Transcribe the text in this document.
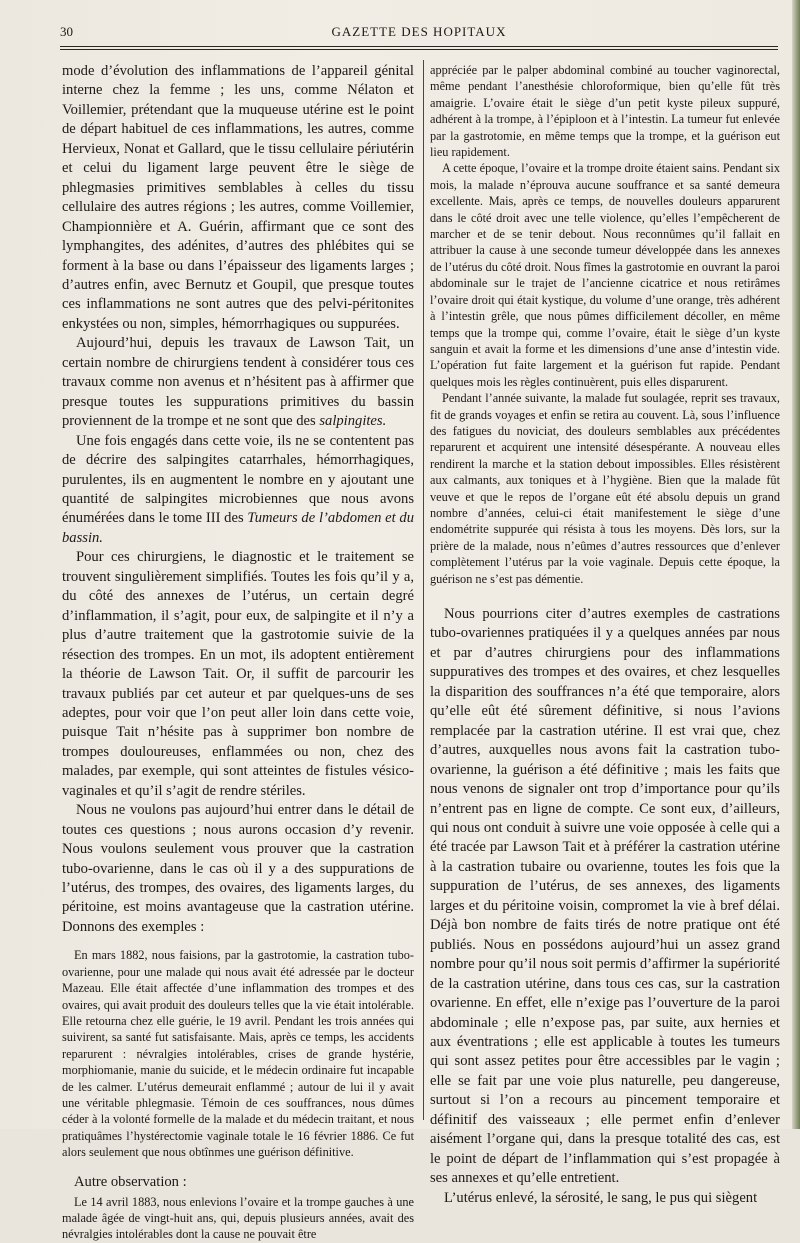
30	GAZETTE DES HOPITAUX

mode d’évolution des inflammations de l’appareil génital interne chez la femme ; les uns, comme Nélaton et Voillemier, prétendant que la muqueuse utérine est le point de départ habituel de ces inflammations, les autres, comme Hervieux, Nonat et Gallard, que le tissu cellulaire périutérin et celui du ligament large peuvent être le siège de phlegmasies primitives semblables à celles du tissu cellulaire des autres régions ; les autres, comme Voillemier, Championnière et A. Guérin, affirmant que ce sont des lymphangites, des adénites, d’autres des phlébites qui se forment à la base ou dans l’épaisseur des ligaments larges ; d’autres enfin, avec Bernutz et Goupil, que presque toutes ces inflammations ne sont autres que des pelvi-péritonites enkystées ou non, simples, hémorrhagiques ou suppurées.

Aujourd’hui, depuis les travaux de Lawson Tait, un certain nombre de chirurgiens tendent à considérer tous ces travaux comme non avenus et n’hésitent pas à affirmer que presque toutes les suppurations primitives du bassin proviennent de la trompe et ne sont que des salpingites.

Une fois engagés dans cette voie, ils ne se contentent pas de décrire des salpingites catarrhales, hémorrhagiques, purulentes, ils en augmentent le nombre en y ajoutant une quantité de salpingites microbiennes que nous avons énumérées dans le tome III des Tumeurs de l’abdomen et du bassin.

Pour ces chirurgiens, le diagnostic et le traitement se trouvent singulièrement simplifiés. Toutes les fois qu’il y a, du côté des annexes de l’utérus, un certain degré d’inflammation, il s’agit, pour eux, de salpingite et il n’y a plus d’autre traitement que la gastrotomie suivie de la résection des trompes. En un mot, ils adoptent entièrement la théorie de Lawson Tait. Or, il suffit de parcourir les travaux publiés par cet auteur et par quelques-uns de ses adeptes, pour voir que l’on peut aller loin dans cette voie, puisque Tait n’hésite pas à supprimer bon nombre de trompes douloureuses, enflammées ou non, chez des malades, par exemple, qui sont atteintes de fistules vésico-vaginales et qu’il s’agit de rendre stériles.

Nous ne voulons pas aujourd’hui entrer dans le détail de toutes ces questions ; nous aurons occasion d’y revenir. Nous voulons seulement vous prouver que la castration tubo-ovarienne, dans le cas où il y a des suppurations de l’utérus, des trompes, des ovaires, des ligaments larges, du péritoine, est moins avantageuse que la castration utérine. Donnons des exemples :

En mars 1882, nous faisions, par la gastrotomie, la castration tubo-ovarienne, pour une malade qui nous avait été adressée par le docteur Mazeau. Elle était affectée d’une inflammation des trompes et des ovaires, qui avait produit des douleurs telles que la vie était intolérable. Elle retourna chez elle guérie, le 19 avril. Pendant les trois années qui suivirent, sa santé fut satisfaisante. Mais, après ce temps, les accidents reparurent : névralgies intolérables, crises de grande hystérie, morphiomanie, manie du suicide, et le médecin ordinaire fut incapable de les calmer. L’utérus demeurait enflammé ; autour de lui il y avait une véritable phlegmasie. Témoin de ces souffrances, nous dûmes céder à la volonté formelle de la malade et du médecin traitant, et nous pratiquâmes l’hystérectomie vaginale totale le 16 février 1886. Ce fut alors seulement que nous obtînmes une guérison définitive.

Autre observation :

Le 14 avril 1883, nous enlevions l’ovaire et la trompe gauches à une malade âgée de vingt-huit ans, qui, depuis plusieurs années, avait des névralgies intolérables dont la cause ne pouvait être

appréciée par le palper abdominal combiné au toucher vaginorectal, même pendant l’anesthésie chloroformique, bien qu’elle fût très amaigrie. L’ovaire était le siège d’un petit kyste pileux suppuré, adhérent à la trompe, à l’épiploon et à l’intestin. La tumeur fut enlevée par la gastrotomie, en même temps que la trompe, et la guérison eut lieu rapidement.

A cette époque, l’ovaire et la trompe droite étaient sains. Pendant six mois, la malade n’éprouva aucune souffrance et sa santé demeura excellente. Mais, après ce temps, de nouvelles douleurs apparurent dans le côté droit avec une telle violence, qu’elles l’empêcherent de marcher et de se tenir debout. Nous reconnûmes qu’il fallait en attribuer la cause à une seconde tumeur développée dans les annexes de l’utérus du côté droit. Nous fîmes la gastrotomie en ouvrant la paroi abdominale sur le trajet de l’ancienne cicatrice et nous retirâmes l’ovaire droit qui était kystique, du volume d’une orange, très adhérent à l’intestin grêle, que nous pûmes difficilement décoller, en même temps que la trompe qui, comme l’ovaire, était le siège d’un kyste sanguin et avait la forme et les dimensions d’une anse d’intestin vide. L’opération fut faite largement et la guérison fut rapide. Pendant quelques mois les règles continuèrent, puis elles disparurent.

Pendant l’année suivante, la malade fut soulagée, reprit ses travaux, fit de grands voyages et enfin se retira au couvent. Là, sous l’influence des fatigues du noviciat, des douleurs semblables aux précédentes reparurent et acquirent une intensité désespérante. A nouveau elles rendirent la marche et la station debout impossibles. Elles résistèrent aux calmants, aux toniques et à l’hygiène. Bien que la malade fût veuve et que le repos de l’organe eût été absolu depuis un grand nombre d’années, celui-ci était manifestement le siège d’une endométrite suppurée qui résista à tous les moyens. Dès lors, sur la prière de la malade, nous n’eûmes d’autres ressources que d’enlever complètement l’utérus par la voie vaginale. Depuis cette époque, la guérison ne s’est pas démentie.

Nous pourrions citer d’autres exemples de castrations tubo-ovariennes pratiquées il y a quelques années par nous et par d’autres chirurgiens pour des inflammations suppuratives des trompes et des ovaires, et chez lesquelles la disparition des souffrances n’a été que temporaire, alors qu’elle eût été sûrement définitive, si nous l’avions remplacée par la castration utérine. Il est vrai que, chez d’autres, auxquelles nous avons fait la castration tubo-ovarienne, la guérison a été définitive ; mais les faits que nous venons de signaler ont trop d’importance pour qu’ils n’entrent pas en ligne de compte. Ce sont eux, d’ailleurs, qui nous ont conduit à suivre une voie opposée à celle qui a été tracée par Lawson Tait et à préférer la castration utérine à la castration tubaire ou ovarienne, toutes les fois que la suppuration de l’utérus, de ses annexes, des ligaments larges et du péritoine voisin, compromet la vie à bref délai. Déjà bon nombre de faits tirés de notre pratique ont été publiés. Nous en possédons aujourd’hui un assez grand nombre pour qu’il nous soit permis d’affirmer la supériorité de la castration utérine, dans tous ces cas, sur la castration ovarienne. En effet, elle n’exige pas l’ouverture de la paroi abdominale ; elle n’expose pas, par suite, aux hernies et aux éventrations ; elle est applicable à toutes les tumeurs qui sont assez petites pour être accessibles par le vagin ; elle se fait par une voie plus naturelle, peu dangereuse, surtout si l’on a recours au pincement temporaire et définitif des vaisseaux ; elle permet enfin d’enlever aisément l’organe qui, dans la presque totalité des cas, est le point de départ de l’inflammation qui s’est propagée à ses annexes et qu’elle entretient.

L’utérus enlevé, la sérosité, le sang, le pus qui siègent
